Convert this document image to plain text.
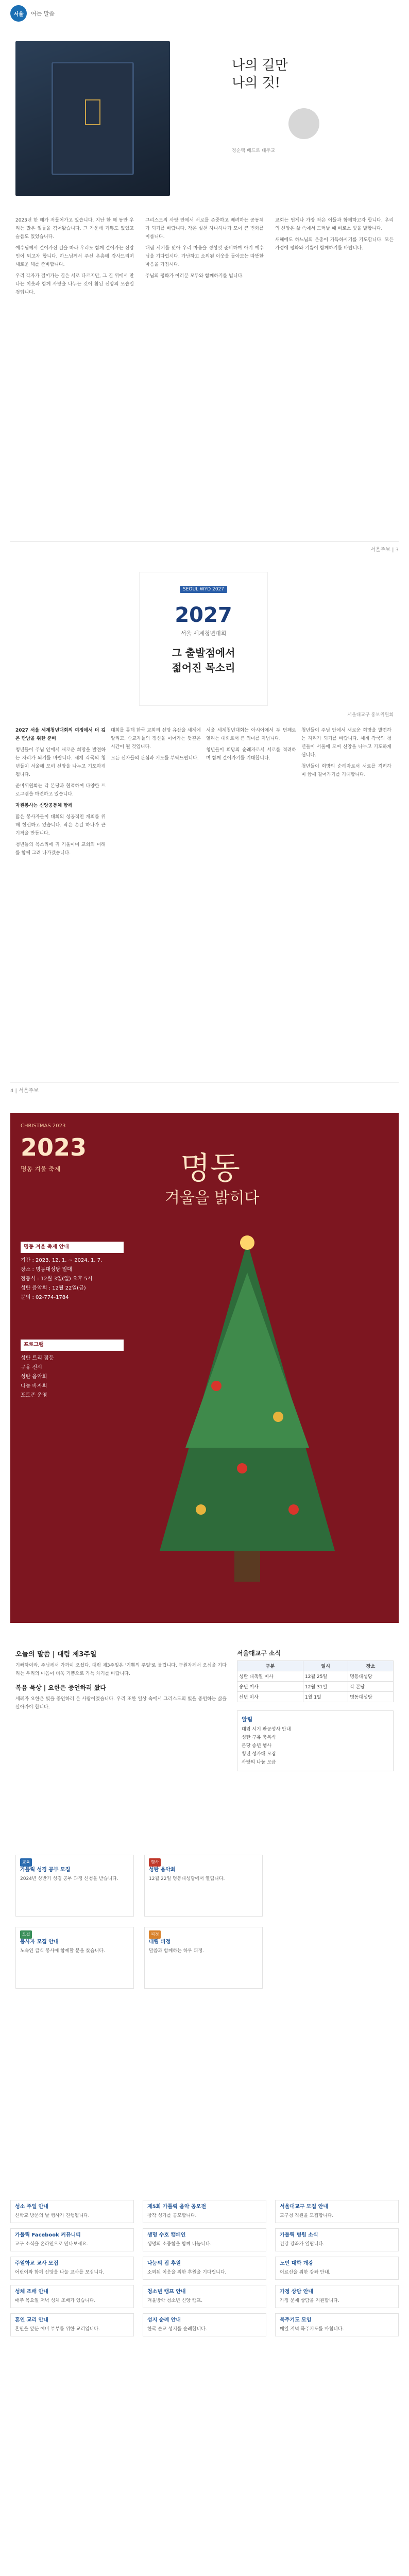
서울	여는 말씀
나의 길만
나의 것!
정순택 베드로 대주교

2023년 한 해가 저물어가고 있습니다. 지난 한 해 동안 우리는 많은 일들을 겪어왔습니다. 그 가운데 기쁨도 있었고 슬픔도 있었습니다.

예수님께서 걸어가신 길을 따라 우리도 함께 걸어가는 신앙인이 되고자 합니다. 하느님께서 주신 은총에 감사드리며 새로운 해를 준비합니다.

우리 각자가 걸어가는 길은 서로 다르지만, 그 길 위에서 만나는 이웃과 함께 사랑을 나누는 것이 참된 신앙의 모습일 것입니다.

그리스도의 사랑 안에서 서로를 존중하고 배려하는 공동체가 되기를 바랍니다. 작은 실천 하나하나가 모여 큰 변화를 이룹니다.

대림 시기를 맞아 우리 마음을 정성껏 준비하며 아기 예수님을 기다립시다. 가난하고 소외된 이웃을 돌아보는 따뜻한 마음을 가집시다.

주님의 평화가 여러분 모두와 함께하기를 빕니다.

교회는 언제나 가장 작은 이들과 함께하고자 합니다. 우리의 신앙은 삶 속에서 드러날 때 비로소 빛을 발합니다.

새해에도 하느님의 은총이 가득하시기를 기도합니다. 모든 가정에 평화와 기쁨이 함께하기를 바랍니다.

서울주보 | 3
SEOUL WYD 2027
2027
서울 세계청년대회
그 출발점에서
젊어진 목소리
서울대교구 홍보위원회

2027 서울 세계청년대회의 여정에서 더 깊은 만남을 위한 준비

청년들이 주님 안에서 새로운 희망을 발견하는 자리가 되기를 바랍니다. 세계 각국의 청년들이 서울에 모여 신앙을 나누고 기도하게 됩니다.

준비위원회는 각 본당과 협력하여 다양한 프로그램을 마련하고 있습니다.

자원봉사는 신앙공동체 함께

많은 봉사자들이 대회의 성공적인 개최를 위해 헌신하고 있습니다. 작은 손길 하나가 큰 기적을 만듭니다.

청년들의 목소리에 귀 기울이며 교회의 미래를 함께 그려 나가겠습니다.

대회를 통해 한국 교회의 신앙 유산을 세계에 알리고, 순교자들의 정신을 이어가는 뜻깊은 시간이 될 것입니다.

모든 신자들의 관심과 기도를 부탁드립니다.

서울 세계청년대회는 아시아에서 두 번째로 열리는 대회로서 큰 의미를 지닙니다.

청년들이 희망의 순례자로서 서로를 격려하며 함께 걸어가기를 기대합니다.

청년들이 주님 안에서 새로운 희망을 발견하는 자리가 되기를 바랍니다. 세계 각국의 청년들이 서울에 모여 신앙을 나누고 기도하게 됩니다.

청년들이 희망의 순례자로서 서로를 격려하며 함께 걸어가기를 기대합니다.

4 | 서울주보
CHRISTMAS 2023
2023
명동 겨울 축제	명동
겨울을 밝히다
명동 겨울 축제 안내
기간 : 2023. 12. 1. ~ 2024. 1. 7.
장소 : 명동대성당 일대
점등식 : 12월 3일(일) 오후 5시
성탄 음악회 : 12월 22일(금)
문의 : 02-774-1784
프로그램
성탄 트리 점등
구유 전시
성탄 음악회
나눔 바자회
포토존 운영
오늘의 말씀 | 대림 제3주일
기뻐하여라. 주님께서 가까이 오셨다. 대림 제3주일은 '기쁨의 주일'로 불립니다. 구원자께서 오심을 기다리는 우리의 마음이 더욱 기쁨으로 가득 차기를 바랍니다.
복음 묵상 | 요한은 증언하러 왔다
세례자 요한은 빛을 증언하러 온 사람이었습니다. 우리 또한 일상 속에서 그리스도의 빛을 증언하는 삶을 살아가야 합니다.
서울대교구 소식
구분	일시	장소
성탄 대축일 미사	12월 25일	명동대성당
송년 미사	12월 31일	각 본당
신년 미사	1월 1일	명동대성당
알림
대림 시기 판공성사 안내
성탄 구유 축복식
본당 송년 행사
청년 성가대 모집
사랑의 나눔 모금
교육
가톨릭 성경 공부 모집
2024년 상반기 성경 공부 과정 신청을 받습니다.
행사
성탄 음악회
12월 22일 명동대성당에서 열립니다.
모집
봉사자 모집 안내
노숙인 급식 봉사에 함께할 분을 찾습니다.
피정
대림 피정
말씀과 함께하는 하루 피정.
성소 주일 안내
신학교 방문의 날 행사가 진행됩니다.
가톨릭 Facebook 커뮤니티
교구 소식을 온라인으로 만나보세요.
주일학교 교사 모집
어린이와 함께 신앙을 나눌 교사를 모십니다.
성체 조배 안내
매주 목요일 저녁 성체 조배가 있습니다.
혼인 교리 안내
혼인을 앞둔 예비 부부를 위한 교리입니다.
제5회 가톨릭 음악 공모전
창작 성가를 공모합니다.
생명 수호 캠페인
생명의 소중함을 함께 나눕니다.
나눔의 집 후원
소외된 이웃을 위한 후원을 기다립니다.
청소년 캠프 안내
겨울방학 청소년 신앙 캠프.
성지 순례 안내
한국 순교 성지를 순례합니다.
서울대교구 모집 안내
교구청 직원을 모집합니다.
가톨릭 병원 소식
건강 강좌가 열립니다.
노인 대학 개강
어르신을 위한 강좌 안내.
가정 상담 안내
가정 문제 상담을 지원합니다.
묵주기도 모임
매일 저녁 묵주기도를 바칩니다.
